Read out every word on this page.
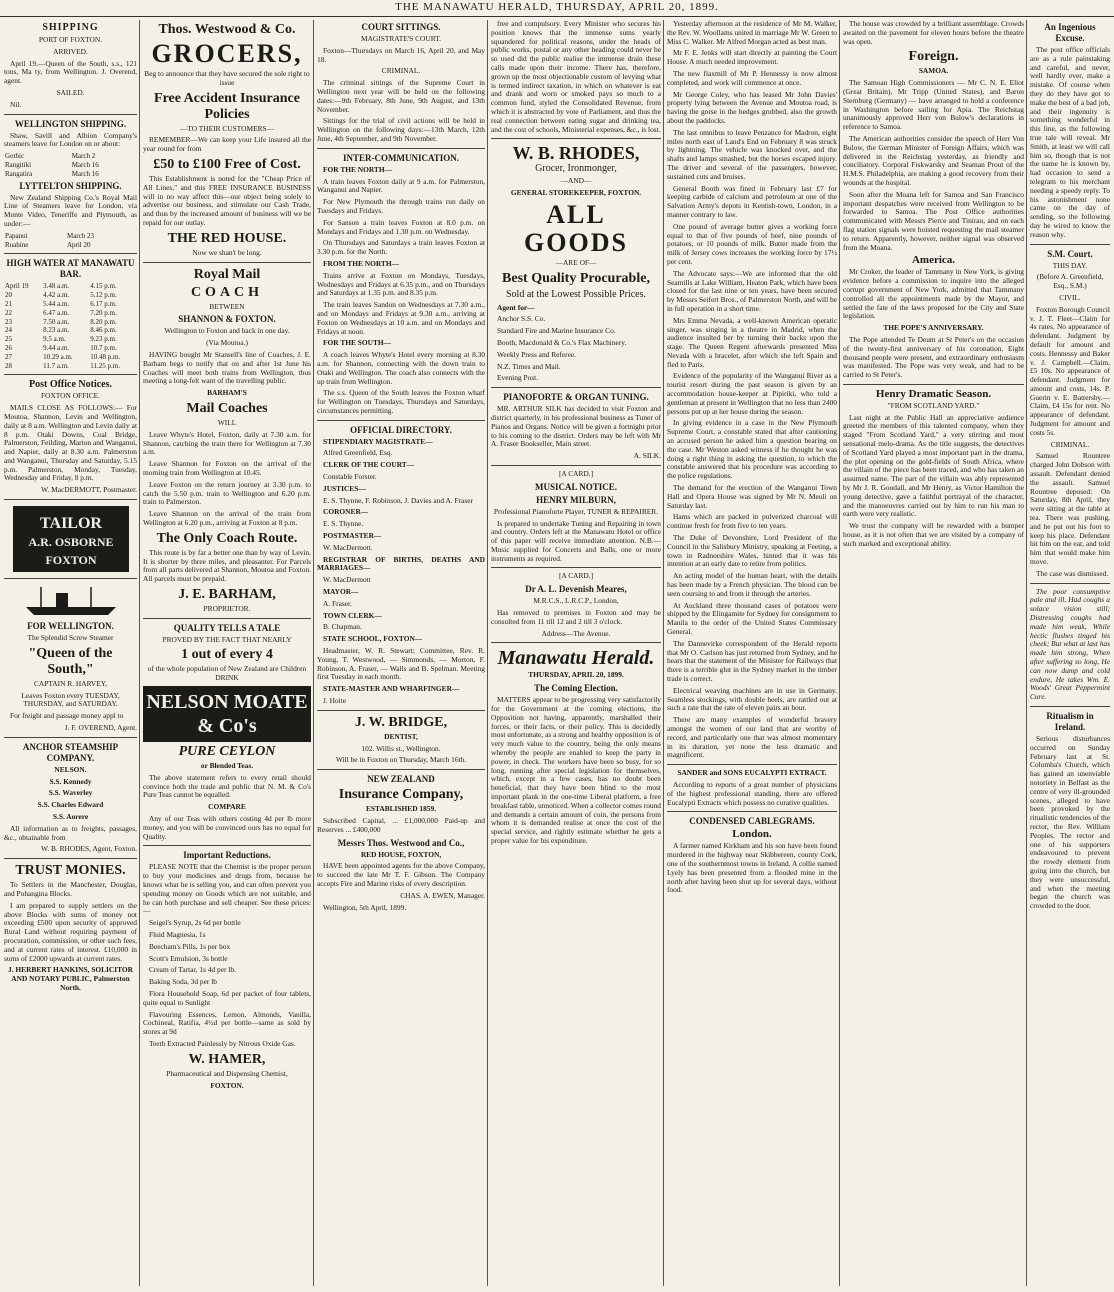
THE MANAWATU HERALD, THURSDAY, APRIL 20, 1899.
SHIPPING

PORT OF FOXTON.

ARRIVED.

April 19.—Queen of the South, s.s., 121 tons, Ma ty, from Wellington. J. Overend, agent.

SAILED.

Nil.

WELLINGTON SHIPPING.

Shaw, Savill and Albion Company's steamers leave for London on or about:

Gothic	March 2
Rangitiki	March 16
Rangatira	March 16
LYTTELTON SHIPPING.

New Zealand Shipping Co.'s Royal Mail Line of Steamers leave for London, via Monte Video, Teneriffe and Plymouth, as under:—

Papanui	March 23
Ruahine	April 20
HIGH WATER AT MANAWATU BAR.
April 19	3.48 a.m.	4.15 p.m.
20	4.42 a.m.	5.12 p.m.
21	5.44 a.m.	6.17 p.m.
22	6.47 a.m.	7.20 p.m.
23	7.50 a.m.	8.20 p.m.
24	8.23 a.m.	8.46 p.m.
25	9.5 a.m.	9.23 p.m.
26	9.44 a.m.	10.7 p.m.
27	10.29 a.m.	10.48 p.m.
28	11.7 a.m.	11.25 p.m.
Post Office Notices.

FOXTON OFFICE.

MAILS CLOSE AS FOLLOWS:— For Moutoa, Shannon, Levin and Wellington, daily at 8 a.m. Wellington and Levin daily at 8 p.m. Otaki Downs, Coal Bridge, Palmerston, Feilding, Marton and Wanganui, and Napier, daily at 8.30 a.m. Palmerston and Wanganui, Thursday and Saturday, 5.15 p.m. Palmerston, Monday, Tuesday, Wednesday and Friday, 8 p.m.

W. MacDERMOTT, Postmaster.

TAILOR
A.R. OSBORNE
FOXTON
FOR WELLINGTON.

The Splendid Screw Steamer

"Queen of the South,"

CAPTAIN R. HARVEY,

Leaves Foxton every TUESDAY, THURSDAY, and SATURDAY.

For freight and passage money appl to

J. F. OVEREND, Agent.

ANCHOR STEAMSHIP COMPANY.

NELSON.

S.S. Kennedy

S.S. Waverley

S.S. Charles Edward

S.S. Aorere

All information as to freights, passages, &c., obtainable from

W. B. RHODES, Agent, Foxton.

TRUST MONIES.

To Settlers in the Manchester, Douglas, and Pohangina Blocks.

I am prepared to supply settlers on the above Blocks with sums of money not exceeding £500 upon security of approved Rural Land without requiring payment of procuration, commission, or other such fees, and at current rates of interest. £10,000 in sums of £2000 upwards at current rates.

J. HERBERT HANKINS, SOLICITOR AND NOTARY PUBLIC, Palmerston North.

Thos. Westwood & Co.
GROCERS,

Beg to announce that they have secured the sole right to issue

Free Accident Insurance Policies

—TO THEIR CUSTOMERS—

REMEMBER—We can keep your Life insured all the year round for from

£50 to £100 Free of Cost.

This Establishment is noted for the "Cheap Price of All Lines," and this FREE INSURANCE BUSINESS will in no way affect this—our object being solely to advertise our business, and stimulate our Cash Trade, and thus by the increased amount of business will we be repaid for our outlay.

THE RED HOUSE.

Now we shan't be long.

Royal Mail
COACH

BETWEEN

SHANNON & FOXTON.

Wellington to Foxton and back in one day.

(Via Moutoa.)

HAVING bought Mr Stansell's line of Coaches, J. E. Barham begs to notify that on and after 1st June his Coaches will meet both trains from Wellington, thus meeting a long-felt want of the travelling public.

BARHAM'S

Mail Coaches

WILL

Leave Whyte's Hotel, Foxton, daily at 7.30 a.m. for Shannon, catching the train there for Wellington at 7.30 a.m.

Leave Shannon for Foxton on the arrival of the morning train from Wellington at 10.45.

Leave Foxton on the return journey at 3.30 p.m. to catch the 5.50 p.m. train to Wellington and 6.20 p.m. train to Palmerston.

Leave Shannon on the arrival of the train from Wellington at 6.20 p.m., arriving at Foxton at 8 p.m.

The Only Coach Route.

This route is by far a better one than by way of Levin. It is shorter by three miles, and pleasanter. For Parcels from all parts delivered at Shannon, Moutoa and Foxton. All parcels must be prepaid.

J. E. BARHAM,

PROPRIETOR.

QUALITY TELLS A TALE

PROVED BY THE FACT THAT NEARLY

1 out of every 4

of the whole population of New Zealand are Children DRINK

NELSON MOATE & Co's
PURE CEYLON

or Blended Teas.

The above statement refers to every retail should convince both the trade and public that N. M. & Co's Pure Teas cannot be equalled.

COMPARE

Any of our Teas with others costing 4d per lb more money, and you will be convinced ours has no equal for Quality.

Important Reductions.

PLEASE NOTE that the Chemist is the proper person to buy your medicines and drugs from, because he knows what he is selling you, and can often prevent you spending money on Goods which are not suitable, and he can both purchase and sell cheaper. See these prices:—

Seigel's Syrup, 2s 6d per bottle

Fluid Magnesia, 1s

Beecham's Pills, 1s per box

Scott's Emulsion, 3s bottle

Cream of Tartar, 1s 4d per lb.

Baking Soda, 3d per lb

Flora Household Soap, 6d per packet of four tablets, quite equal to Sunlight

Flavouring Essences, Lemon, Almonds, Vanilla, Cochineal, Ratifia, 4½d per bottle—same as sold by stores at 9d

Teeth Extracted Painlessly by Nitrous Oxide Gas.

W. HAMER,

Pharmaceutical and Dispensing Chemist,

FOXTON.

COURT SITTINGS.

MAGISTRATE'S COURT.

Foxton—Thursdays on March 16, April 20, and May 18.

CRIMINAL.

The criminal sittings of the Supreme Court in Wellington next year will be held on the following dates:—9th February, 8th June, 9th August, and 13th November.

Sittings for the trial of civil actions will be held in Wellington on the following days:—13th March, 12th June, 4th September, and 9th November.

INTER-COMMUNICATION.

FOR THE NORTH—

A train leaves Foxton daily at 9 a.m. for Palmerston, Wanganui and Napier.

For New Plymouth the through trains run daily on Tuesdays and Fridays.

For Sanson a train leaves Foxton at 8.0 p.m. on Mondays and Fridays and 1.30 p.m. on Wednesday.

On Thursdays and Saturdays a train leaves Foxton at 3.30 p.m. for the North.

FROM THE NORTH—

Trains arrive at Foxton on Mondays, Tuesdays, Wednesdays and Fridays at 6.35 p.m., and on Thursdays and Saturdays at 1.35 p.m. and 8.35 p.m.

The train leaves Sandon on Wednesdays at 7.30 a.m., and on Mondays and Fridays at 9.30 a.m., arriving at Foxton on Wednesdays at 10 a.m. and on Mondays and Fridays at noon.

FOR THE SOUTH—

A coach leaves Whyte's Hotel every morning at 8.30 a.m. for Shannon, connecting with the down train to Otaki and Wellington. The coach also connects with the up train from Wellington.

The s.s. Queen of the South leaves the Foxton wharf for Wellington on Tuesdays, Thursdays and Saturdays, circumstances permitting.

OFFICIAL DIRECTORY.

STIPENDIARY MAGISTRATE—

Alfred Greenfield, Esq.

CLERK OF THE COURT—

Constable Forster.

JUSTICES—

E. S. Thynne, F. Robinson, J. Davies and A. Fraser

CORONER—

E. S. Thynne.

POSTMASTER—

W. MacDermott.

REGISTRAR OF BIRTHS, DEATHS AND MARRIAGES—

W. MacDermott

MAYOR—

A. Fraser.

TOWN CLERK—

B. Chapman.

STATE SCHOOL, FOXTON—

Headmaster, W. R. Stewart; Committee, Rev. R. Young, T. Westwood, — Simmonds, — Morton, F. Robinson, A. Fraser, — Walls and B. Spelman. Meeting first Tuesday in each month.

STATE-MASTER AND WHARFINGER—

J. Hoite

J. W. BRIDGE,

DENTIST,

102. Willis st., Wellington.

Will be in Foxton on Thursday, March 16th.

NEW ZEALAND
Insurance Company,

ESTABLISHED 1859.

Subscribed Capital, ... £1,000,000 Paid-up and Reserves ... £400,000

Messrs Thos. Westwood and Co.,

RED HOUSE, FOXTON,

HAVE been appointed agents for the above Company, to succeed the late Mr T. F. Gibson. The Company accepts Fire and Marine risks of every description.

CHAS. A. EWEN, Manager.

Wellington, 5th April, 1899.

free and compulsory. Every Minister who secures his position knows that the immense sums yearly squandered for political reasons, under the heads of public works, postal or any other heading could never be so used did the public realise the immense drain these calls made upon their income. There has, therefore, grown up the most objectionable custom of levying what is termed indirect taxation, in which on whatever is eat and drank and worn or smoked pays so much to a common fund, styled the Consolidated Revenue, from which it is abstracted by vote of Parliament, and thus the real connection between eating sugar and drinking tea, and the cost of schools, Ministerial expenses, &c., is lost.

W. B. RHODES,

Grocer, Ironmonger,

—AND—

GENERAL STOREKEEPER, FOXTON.

ALL GOODS

—ARE OF—

Best Quality Procurable,

Sold at the Lowest Possible Prices.

Agent for—

Anchor S.S. Co.

Standard Fire and Marine Insurance Co.

Booth, Macdonald & Co.'s Flax Machinery.

Weekly Press and Referee.

N.Z. Times and Mail.

Evening Post.

PIANOFORTE & ORGAN TUNING.

MR. ARTHUR SILK has decided to visit Foxton and district quarterly, in his professional business as Tuner of Pianos and Organs. Notice will be given a fortnight prior to his coming to the district. Orders may be left with Mr A. Fraser Bookseller, Main street.

A. SILK.

[A CARD.]

MUSICAL NOTICE.
HENRY MILBURN,

Professional Pianoforte Player, TUNER & REPAIRER.

Is prepared to undertake Tuning and Repairing in town and country. Orders left at the Manawatu Hotel or office of this paper will receive immediate attention. N.B.—Music supplied for Concerts and Balls, one or more instruments as required.

[A CARD.]

Dr A. L. Devenish Meares,

M.R.C.S., L.R.C.P., London,

Has removed to premises in Foxton and may be consulted from 11 till 12 and 2 till 3 o'clock.

Address—The Avenue.

Manawatu Herald.

THURSDAY, APRIL 20, 1899.

The Coming Election.

MATTERS appear to be progressing very satisfactorily for the Government at the coming elections, the Opposition not having, apparently, marshalled their forces, or their facts, or their policy. This is decidedly most unfortunate, as a strong and healthy opposition is of very much value to the country, being the only means whereby the people are enabled to keep the party in power, in check. The workers have been so busy, for so long, running after special legislation for themselves, which, except in a few cases, has no doubt been beneficial, that they have been blind to the most important plank in the one-time Liberal platform, a free breakfast table, unnoticed. When a collector comes round and demands a certain amount of coin, the persons from whom it is demanded realise at once the cost of the special service, and rightly estimate whether he gets a proper value for his expenditure.

Yesterday afternoon at the residence of Mr M. Walker, the Rev. W. Woollams united in marriage Mr W. Green to Miss C. Walker. Mr Alfred Morgan acted as best man.

Mr F. E. Jenks will start directly at painting the Court House. A much needed improvement.

The new flaxmill of Mr P. Hennessy is now almost completed, and work will commence at once.

Mr George Coley, who has leased Mr John Davies' property lying between the Avenue and Moutoa road, is having the gorse in the hedges grubbed, also the growth about the paddocks.

The last omnibus to leave Penzance for Madron, eight miles north east of Land's End on February 8 was struck by lightning. The vehicle was knocked over, and the shafts and lamps smashed, but the horses escaped injury. The driver and several of the passengers, however, sustained cuts and bruises.

General Booth was fined in February last £7 for keeping carbide of calcium and petroleum at one of the Salvation Army's depots in Kentish-town, London, in a manner contrary to law.

One pound of average butter gives a working force equal to that of five pounds of beef, nine pounds of potatoes, or 10 pounds of milk. Butter made from the milk of Jersey cows increases the working force by 17½ per cent.

The Advocate says:—We are informed that the old Seamills at Lake William, Heaton Park, which have been closed for the last nine or ten years, have been secured by Messrs Seifert Bros., of Palmerston North, and will be in full operation in a short time.

Mrs Emma Nevada, a well-known American operatic singer, was singing in a theatre in Madrid, when the audience insulted her by turning their backs upon the stage. The Queen Regent afterwards presented Miss Nevada with a bracelet, after which she left Spain and fled to Paris.

Evidence of the popularity of the Wanganui River as a tourist resort during the past season is given by an accommodation house-keeper at Pipiriki, who told a gentleman at present in Wellington that no less than 2400 persons put up at her house during the season.

In giving evidence in a case in the New Plymouth Supreme Court, a constable stated that after cautioning an accused person he asked him a question bearing on the case. Mr Weston asked witness if he thought he was doing a right thing in asking the question, to which the constable answered that his procedure was according to the police regulations.

The demand for the erection of the Wanganui Town Hall and Opera House was signed by Mr N. Meuli on Saturday last.

Hams which are packed in pulverized charcoal will continue fresh for from five to ten years.

The Duke of Devonshire, Lord President of the Council in the Salisbury Ministry, speaking at Feeting, a town in Radnorshire Wales, hinted that it was his intention at an early date to retire from politics.

An acting model of the human heart, with the details has been made by a French physician. The blood can be seen coursing to and from it through the arteries.

At Auckland three thousand cases of potatoes were shipped by the Elingamite for Sydney for consignment to Manila to the order of the United States Commissary General.

The Dannevirke correspondent of the Herald reports that Mr O. Carlson has just returned from Sydney, and he hears that the statement of the Minister for Railways that there is a terrible glut in the Sydney market in the timber trade is correct.

Electrical weaving machines are in use in Germany. Seamless stockings, with double heels, are rattled out at such a rate that the rate of eleven pairs an hour.

There are many examples of wonderful bravery amongst the women of our land that are worthy of record, and particularly one that was almost momentary in its duration, yet none the less dramatic and magnificent.

SANDER and SONS EUCALYPTI EXTRACT.

According to reports of a great number of physicians of the highest professional standing, there are offered Eucalypti Extracts which possess no curative qualities.

CONDENSED CABLEGRAMS.
London.

A farmer named Kirkham and his son have been found murdered in the highway near Skibbereen, county Cork, one of the southernmost towns in Ireland. A collie named Lyely has been presented from a flooded mine in the north after having been shut up for several days, without food.

The house was crowded by a brilliant assemblage. Crowds awaited on the pavement for eleven hours before the theatre was open.

Foreign.

SAMOA.

The Samoan High Commissioners — Mr C. N. E. Eliot (Great Britain), Mr Tripp (United States), and Baron Sternburg (Germany) — have arranged to hold a conference in Washington before sailing for Apia. The Reichstag unanimously approved Herr von Bulow's declarations in reference to Samoa.

The American authorities consider the speech of Herr Von Bulow, the German Minister of Foreign Affairs, which was delivered in the Reichstag yesterday, as friendly and conciliatory. Corporal Fiskwarsky and Seaman Prout of the H.M.S. Philadelphia, are making a good recovery from their wounds at the hospital.

Soon after the Moana left for Samoa and San Francisco important despatches were received from Wellington to be forwarded to Samoa. The Post Office authorities communicated with Messrs Pierce and Tinirau, and on each flag station signals were hoisted requesting the mail steamer to return. Apparently, however, neither signal was observed from the Moana.

America.

Mr Croker, the leader of Tammany in New York, is giving evidence before a commission to inquire into the alleged corrupt government of New York, admitted that Tammany controlled all the appointments made by the Mayor, and settled the fate of the laws proposed for the City and State legislation.

THE POPE'S ANNIVERSARY.

The Pope attended Te Deum at St Peter's on the occasion of the twenty-first anniversary of his coronation. Eight thousand people were present, and extraordinary enthusiasm was manifested. The Pope was very weak, and had to be carried to St Peter's.

Henry Dramatic Season.

"FROM SCOTLAND YARD."

Last night at the Public Hall an appreciative audience greeted the members of this talented company, when they staged "From Scotland Yard," a very stirring and most sensational melo-drama. As the title suggests, the detectives of Scotland Yard played a most important part in the drama, the plot opening on the gold-fields of South Africa, where the villain of the piece has been traced, and who has taken an assumed name. The part of the villain was ably represented by Mr J. R. Goodall, and Mr Henry, as Victor Hamilton the young detective, gave a faithful portrayal of the character, and the manoeuvres carried out by him to run his man to earth were very realistic.

We trust the company will be rewarded with a bumper house, as it is not often that we are visited by a company of such marked and exceptional ability.

An Ingenious Excuse.

The post office officials are as a rule painstaking and careful, and never, well hardly ever, make a mistake. Of course when they do they have got to make the best of a bad job, and their ingenuity is something wonderful in this line, as the following true tale will reveal. Mr Smith, at least we will call him so, though that is not the name he is known by, had occasion to send a telegram to his merchant needing a speedy reply. To his astonishment none came on the day of sending, so the following day he wired to know the reason why.

S.M. Court.

THIS DAY.

(Before A. Greenfield, Esq., S.M.)

CIVIL.

Foxton Borough Council v. J. T. Fleet—Claim for 4s rates. No appearance of defendant. Judgment by default for amount and costs. Hennessy and Baker v. J. Campbell.—Claim, £5 10s. No appearance of defendant. Judgment for amount and costs, 14s. P. Guerin v. E. Battersby.—Claim, £4 15s for rent. No appearance of defendant. Judgment for amount and costs 5s.

CRIMINAL.

Samuel Rountree charged John Dobson with assault. Defendant denied the assault. Samuel Rountree deposed: On Saturday, 8th April, they were sitting at the table at tea. There was pushing, and he put out his foot to keep his place. Defendant hit him on the ear, and told him that would make him move.

The case was dismissed.

The poor consumptive pale and ill, Had coughs a solace vision still; Distressing coughs had made him weak, While hectic flushes tinged his cheek; But what at last has made him strong, When after suffering so long, He can now dump and cold endure, He takes Wm. E. Woods' Great Peppermint Cure.

Ritualism in Ireland.

Serious disturbances occurred on Sunday February last at St. Columba's Church, which has gained an unenviable notoriety in Belfast as the centre of very ill-grounded scenes, alleged to have been provoked by the ritualistic tendencies of the rector, the Rev. William Peoples. The rector and one of his supporters endeavoured to prevent the rowdy element from going into the church, but they were unsuccessful, and when the meeting began the church was crowded to the door.
